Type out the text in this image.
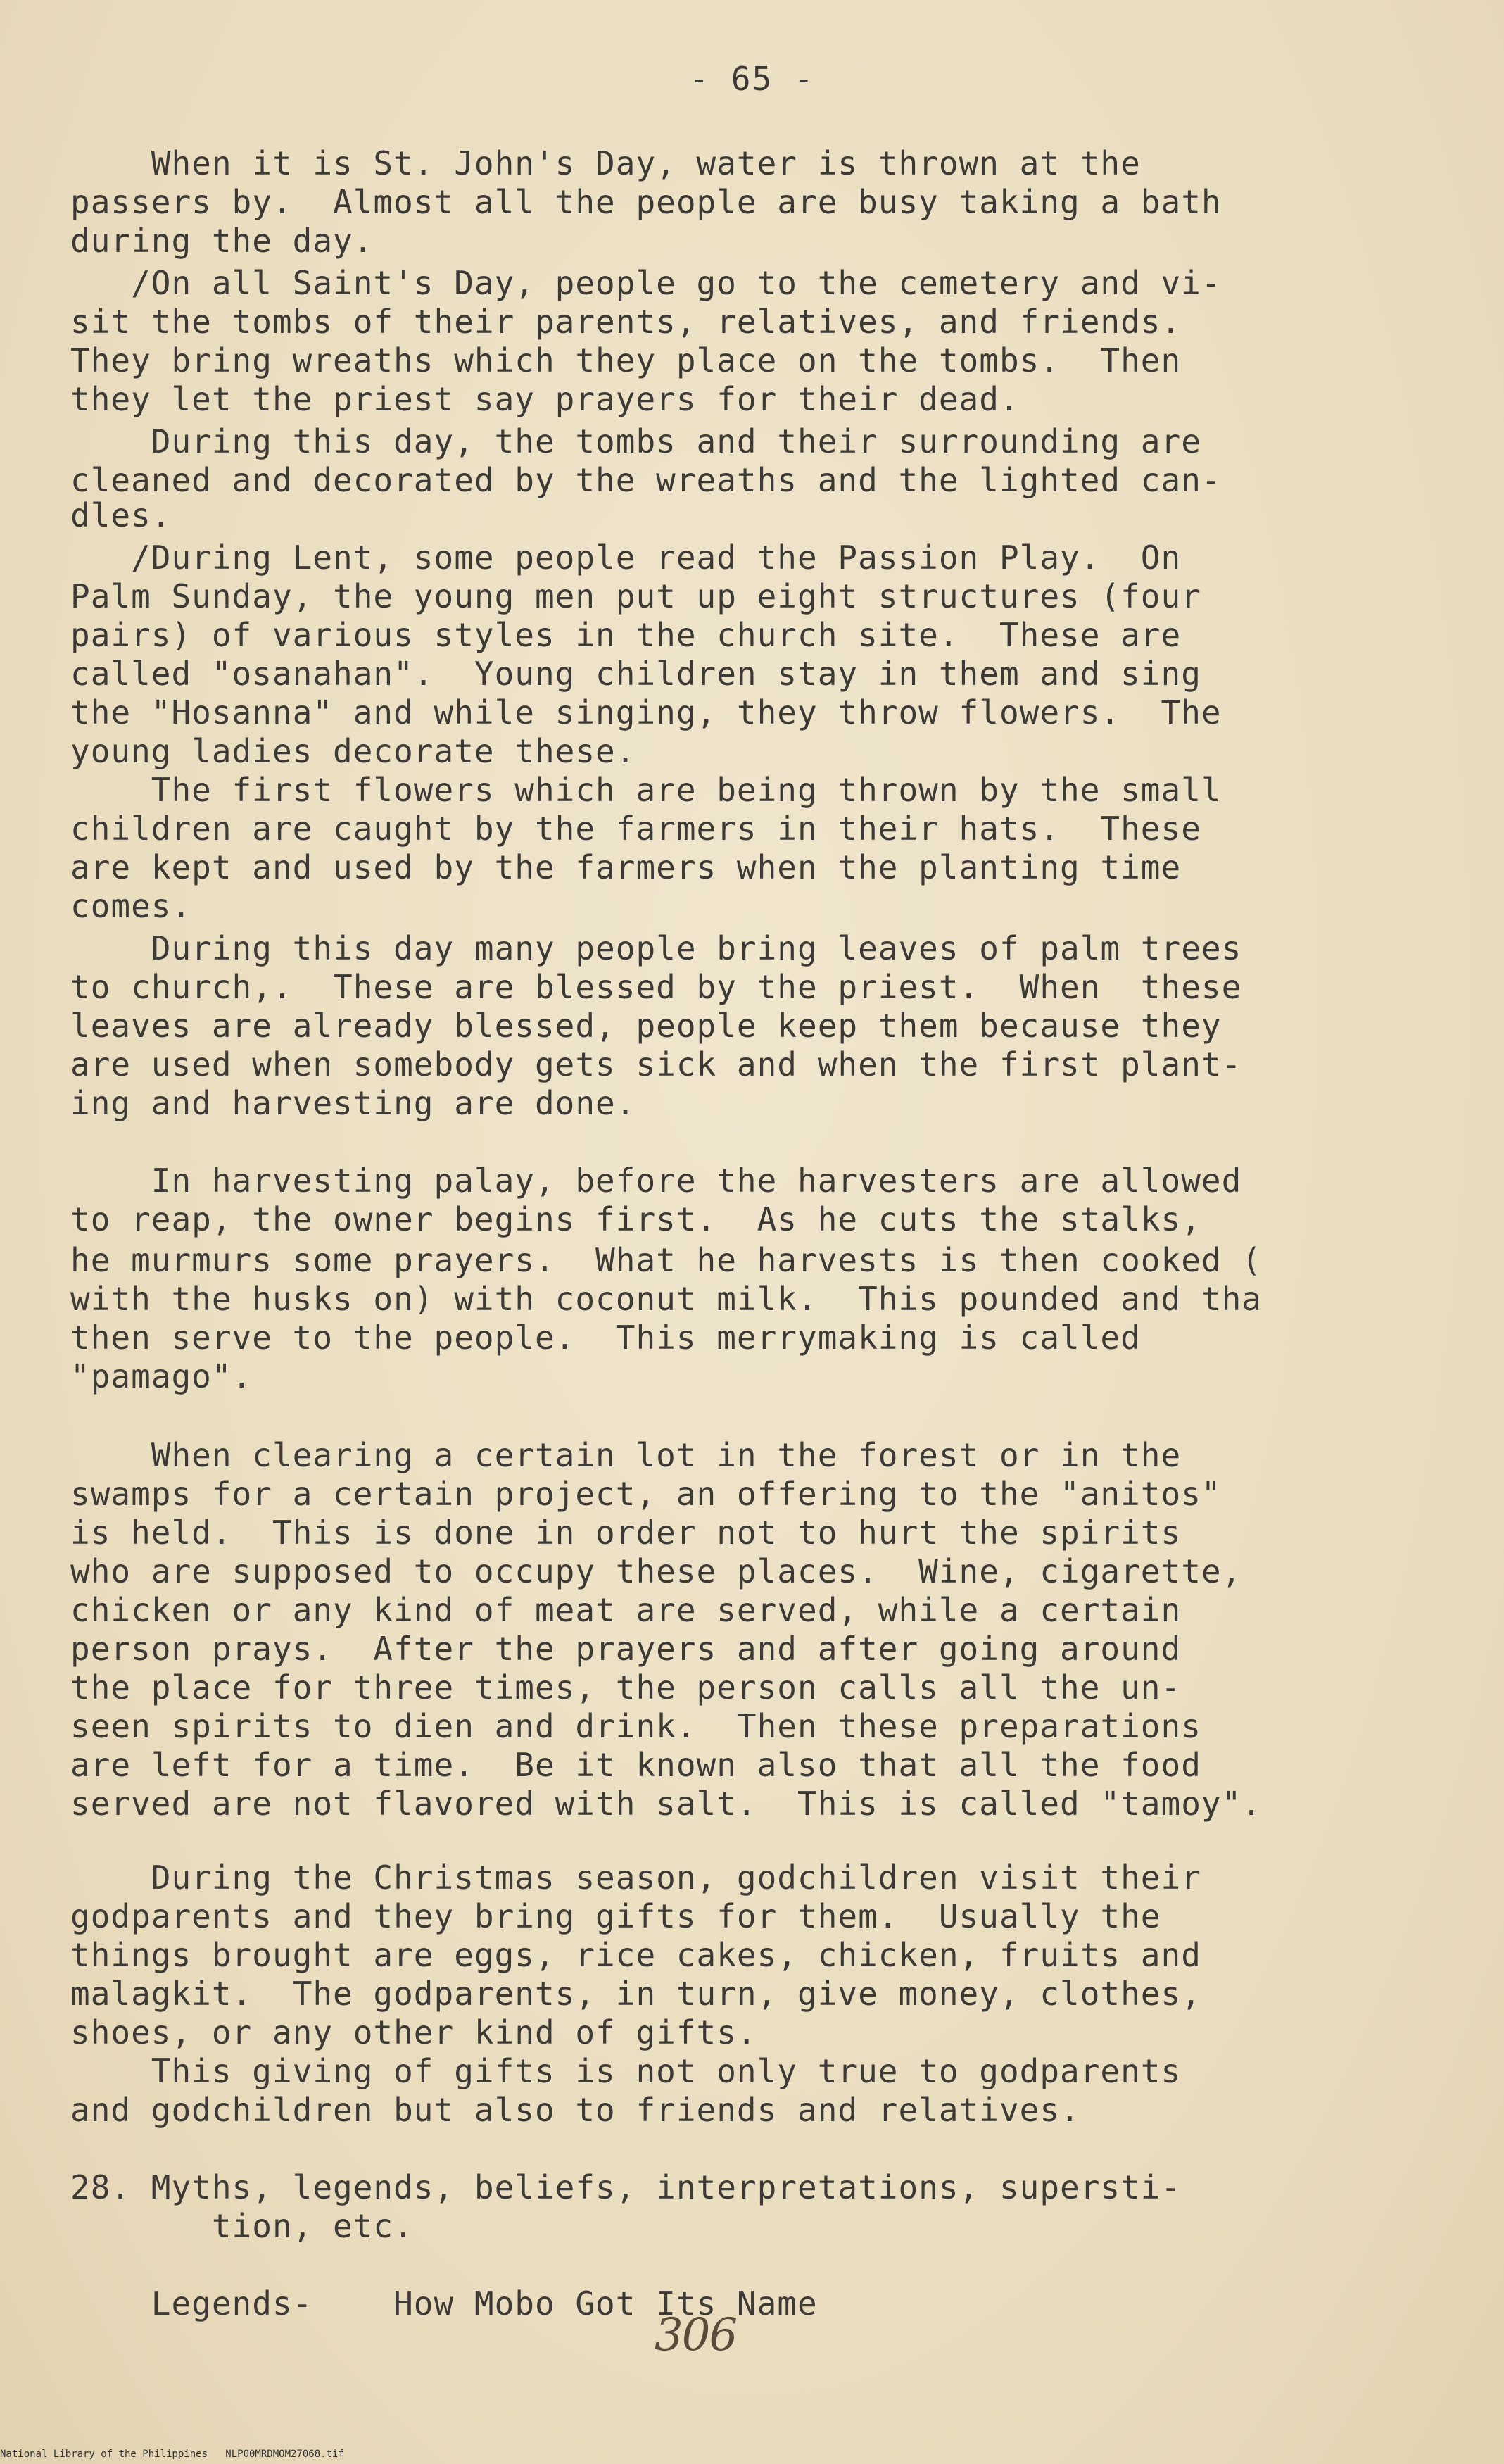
- 65 -
When it is St. John's Day, water is thrown at the
passers by.  Almost all the people are busy taking a bath
during the day.
/On all Saint's Day, people go to the cemetery and vi-
sit the tombs of their parents, relatives, and friends.
They bring wreaths which they place on the tombs.  Then
they let the priest say prayers for their dead.
During this day, the tombs and their surrounding are
cleaned and decorated by the wreaths and the lighted can-
dles.
/During Lent, some people read the Passion Play.  On
Palm Sunday, the young men put up eight structures (four
pairs) of various styles in the church site.  These are
called "osanahan".  Young children stay in them and sing
the "Hosanna" and while singing, they throw flowers.  The
young ladies decorate these.
The first flowers which are being thrown by the small
children are caught by the farmers in their hats.  These
are kept and used by the farmers when the planting time
comes.
During this day many people bring leaves of palm trees
to church,.  These are blessed by the priest.  When  these
leaves are already blessed, people keep them because they
are used when somebody gets sick and when the first plant-
ing and harvesting are done.
In harvesting palay, before the harvesters are allowed
to reap, the owner begins first.  As he cuts the stalks,
he murmurs some prayers.  What he harvests is then cooked (
with the husks on) with coconut milk.  This pounded and tha
then serve to the people.  This merrymaking is called
"pamago".
When clearing a certain lot in the forest or in the
swamps for a certain project, an offering to the "anitos"
is held.  This is done in order not to hurt the spirits
who are supposed to occupy these places.  Wine, cigarette,
chicken or any kind of meat are served, while a certain
person prays.  After the prayers and after going around
the place for three times, the person calls all the un-
seen spirits to dien and drink.  Then these preparations
are left for a time.  Be it known also that all the food
served are not flavored with salt.  This is called "tamoy".
During the Christmas season, godchildren visit their
godparents and they bring gifts for them.  Usually the
things brought are eggs, rice cakes, chicken, fruits and
malagkit.  The godparents, in turn, give money, clothes,
shoes, or any other kind of gifts.
This giving of gifts is not only true to godparents
and godchildren but also to friends and relatives.
28. Myths, legends, beliefs, interpretations, supersti-
tion, etc.
Legends-    How Mobo Got Its Name
306
National Library of the Philippines   NLP00MRDMOM27068.tif
